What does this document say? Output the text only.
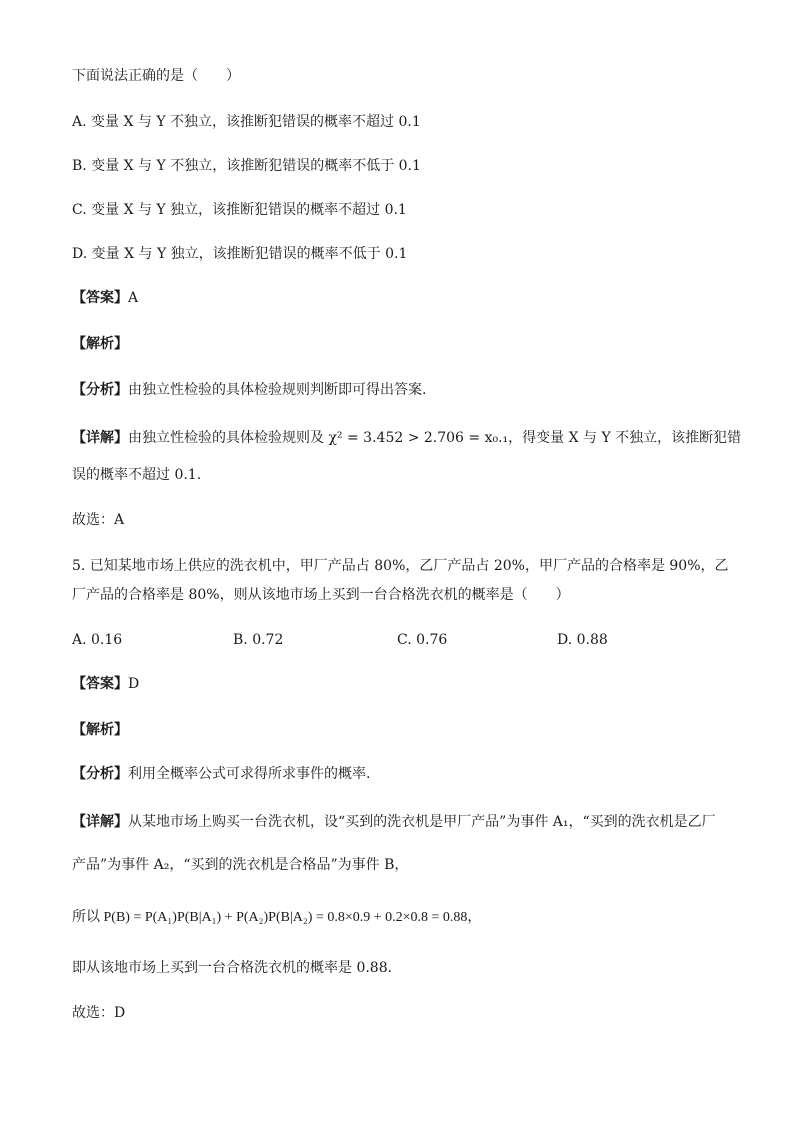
下面说法正确的是（　　）
A. 变量 X 与 Y 不独立，该推断犯错误的概率不超过 0.1
B. 变量 X 与 Y 不独立，该推断犯错误的概率不低于 0.1
C. 变量 X 与 Y 独立，该推断犯错误的概率不超过 0.1
D. 变量 X 与 Y 独立，该推断犯错误的概率不低于 0.1
【答案】A
【解析】
【分析】由独立性检验的具体检验规则判断即可得出答案.
【详解】由独立性检验的具体检验规则及 χ² = 3.452 > 2.706 = x₀.₁，得变量 X 与 Y 不独立，该推断犯错
误的概率不超过 0.1.
故选：A
5. 已知某地市场上供应的洗衣机中，甲厂产品占 80%，乙厂产品占 20%，甲厂产品的合格率是 90%，乙
厂产品的合格率是 80%，则从该地市场上买到一台合格洗衣机的概率是（　　）
A. 0.16	B. 0.72	C. 0.76	D. 0.88
【答案】D
【解析】
【分析】利用全概率公式可求得所求事件的概率.
【详解】从某地市场上购买一台洗衣机，设“买到的洗衣机是甲厂产品”为事件 A₁，“买到的洗衣机是乙厂
产品”为事件 A₂，“买到的洗衣机是合格品”为事件 B，
所以 P(B) = P(A₁)P(B|A₁) + P(A₂)P(B|A₂) = 0.8×0.9 + 0.2×0.8 = 0.88，
即从该地市场上买到一台合格洗衣机的概率是 0.88.
故选：D
